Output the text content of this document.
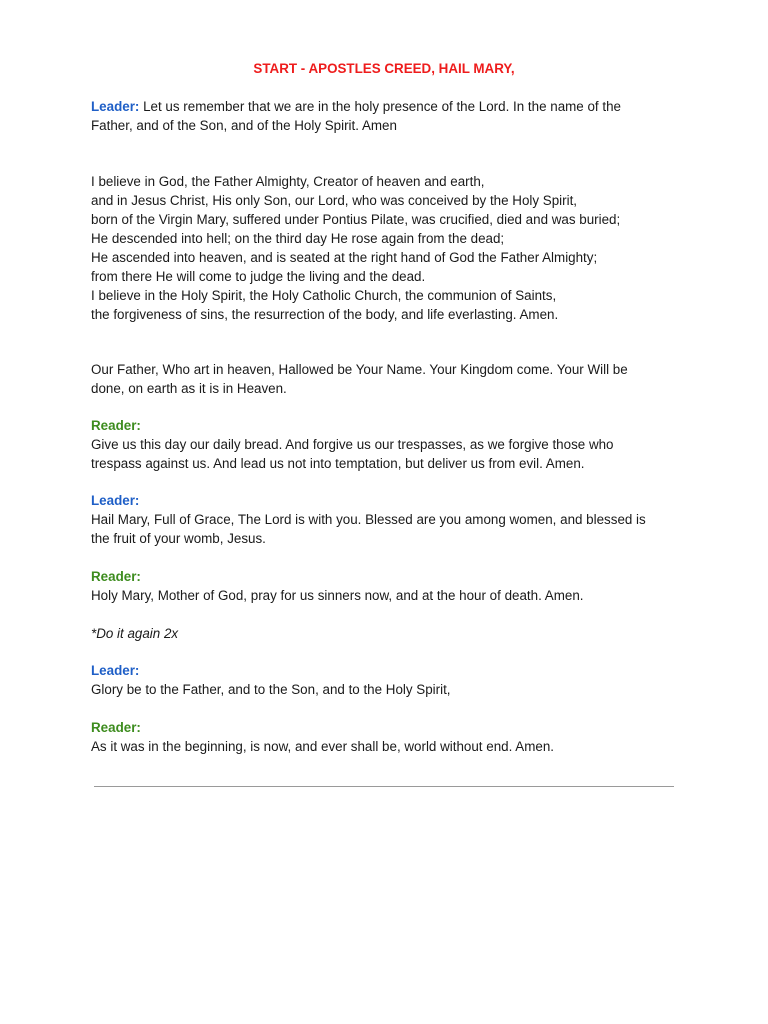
START - APOSTLES CREED, HAIL MARY,

Leader: Let us remember that we are in the holy presence of the Lord. In the name of the
Father, and of the Son, and of the Holy Spirit. Amen

I believe in God, the Father Almighty, Creator of heaven and earth,
and in Jesus Christ, His only Son, our Lord, who was conceived by the Holy Spirit,
born of the Virgin Mary, suffered under Pontius Pilate, was crucified, died and was buried;
He descended into hell; on the third day He rose again from the dead;
He ascended into heaven, and is seated at the right hand of God the Father Almighty;
from there He will come to judge the living and the dead.
I believe in the Holy Spirit, the Holy Catholic Church, the communion of Saints,
the forgiveness of sins, the resurrection of the body, and life everlasting. Amen.

Our Father, Who art in heaven, Hallowed be Your Name. Your Kingdom come. Your Will be
done, on earth as it is in Heaven.

Reader:
Give us this day our daily bread. And forgive us our trespasses, as we forgive those who
trespass against us. And lead us not into temptation, but deliver us from evil. Amen.

Leader:
Hail Mary, Full of Grace, The Lord is with you. Blessed are you among women, and blessed is
the fruit of your womb, Jesus.

Reader:
Holy Mary, Mother of God, pray for us sinners now, and at the hour of death. Amen.

*Do it again 2x

Leader:
Glory be to the Father, and to the Son, and to the Holy Spirit,

Reader:
As it was in the beginning, is now, and ever shall be, world without end. Amen.
